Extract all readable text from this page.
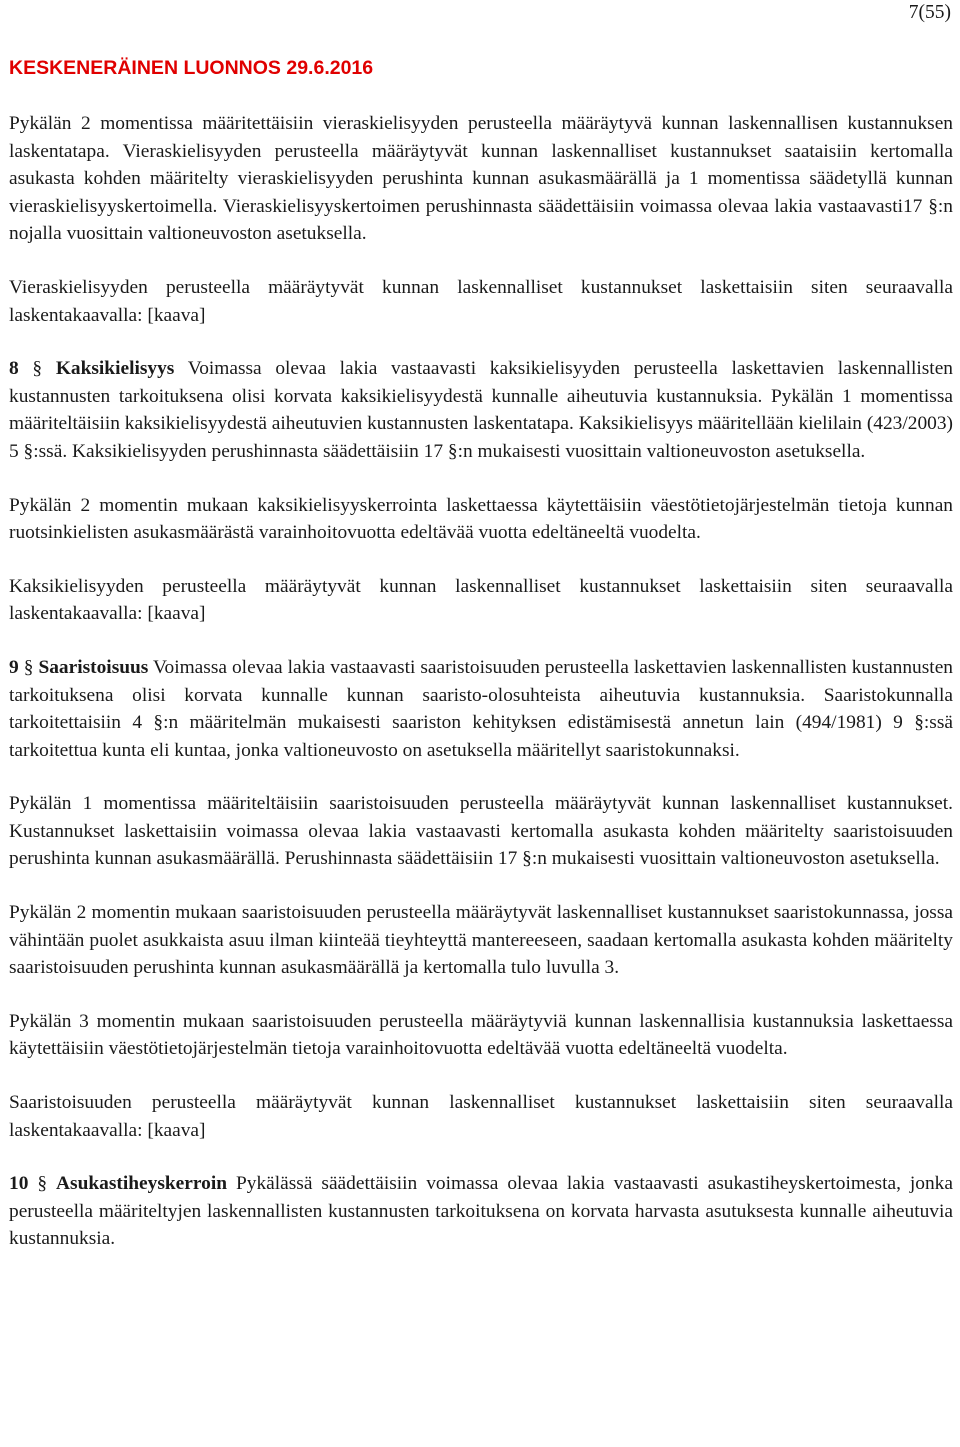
7(55)
KESKENERÄINEN LUONNOS 29.6.2016

Pykälän 2 momentissa määritettäisiin vieraskielisyyden perusteella määräytyvä kunnan laskennallisen kustannuksen laskentatapa. Vieraskielisyyden perusteella määräytyvät kunnan laskennalliset kustannukset saataisiin kertomalla asukasta kohden määritelty vieraskielisyyden perushinta kunnan asukasmäärällä ja 1 momentissa säädetyllä kunnan vieraskielisyyskertoimella. Vieraskielisyyskertoimen perushinnasta säädettäisiin voimassa olevaa lakia vastaavasti17 §:n nojalla vuosittain valtioneuvoston asetuksella.

Vieraskielisyyden perusteella määräytyvät kunnan laskennalliset kustannukset laskettaisiin siten seuraavalla laskentakaavalla: [kaava]

8 § Kaksikielisyys Voimassa olevaa lakia vastaavasti kaksikielisyyden perusteella laskettavien laskennallisten kustannusten tarkoituksena olisi korvata kaksikielisyydestä kunnalle aiheutuvia kustannuksia. Pykälän 1 momentissa määriteltäisiin kaksikielisyydestä aiheutuvien kustannusten laskentatapa. Kaksikielisyys määritellään kielilain (423/2003) 5 §:ssä. Kaksikielisyyden perushinnasta säädettäisiin 17 §:n mukaisesti vuosittain valtioneuvoston asetuksella.

Pykälän 2 momentin mukaan kaksikielisyyskerrointa laskettaessa käytettäisiin väestötietojärjestelmän tietoja kunnan ruotsinkielisten asukasmäärästä varainhoitovuotta edeltävää vuotta edeltäneeltä vuodelta.

Kaksikielisyyden perusteella määräytyvät kunnan laskennalliset kustannukset laskettaisiin siten seuraavalla laskentakaavalla: [kaava]

9 § Saaristoisuus Voimassa olevaa lakia vastaavasti saaristoisuuden perusteella laskettavien laskennallisten kustannusten tarkoituksena olisi korvata kunnalle kunnan saaristo-olosuhteista aiheutuvia kustannuksia. Saaristokunnalla tarkoitettaisiin 4 §:n määritelmän mukaisesti saariston kehityksen edistämisestä annetun lain (494/1981) 9 §:ssä tarkoitettua kunta eli kuntaa, jonka valtioneuvosto on asetuksella määritellyt saaristokunnaksi.

Pykälän 1 momentissa määriteltäisiin saaristoisuuden perusteella määräytyvät kunnan laskennalliset kustannukset. Kustannukset laskettaisiin voimassa olevaa lakia vastaavasti kertomalla asukasta kohden määritelty saaristoisuuden perushinta kunnan asukasmäärällä. Perushinnasta säädettäisiin 17 §:n mukaisesti vuosittain valtioneuvoston asetuksella.

Pykälän 2 momentin mukaan saaristoisuuden perusteella määräytyvät laskennalliset kustannukset saaristokunnassa, jossa vähintään puolet asukkaista asuu ilman kiinteää tieyhteyttä mantereeseen, saadaan kertomalla asukasta kohden määritelty saaristoisuuden perushinta kunnan asukasmäärällä ja kertomalla tulo luvulla 3.

Pykälän 3 momentin mukaan saaristoisuuden perusteella määräytyviä kunnan laskennallisia kustannuksia laskettaessa käytettäisiin väestötietojärjestelmän tietoja varainhoitovuotta edeltävää vuotta edeltäneeltä vuodelta.

Saaristoisuuden perusteella määräytyvät kunnan laskennalliset kustannukset laskettaisiin siten seuraavalla laskentakaavalla: [kaava]

10 § Asukastiheyskerroin Pykälässä säädettäisiin voimassa olevaa lakia vastaavasti asukastiheyskertoimesta, jonka perusteella määriteltyjen laskennallisten kustannusten tarkoituksena on korvata harvasta asutuksesta kunnalle aiheutuvia kustannuksia.
